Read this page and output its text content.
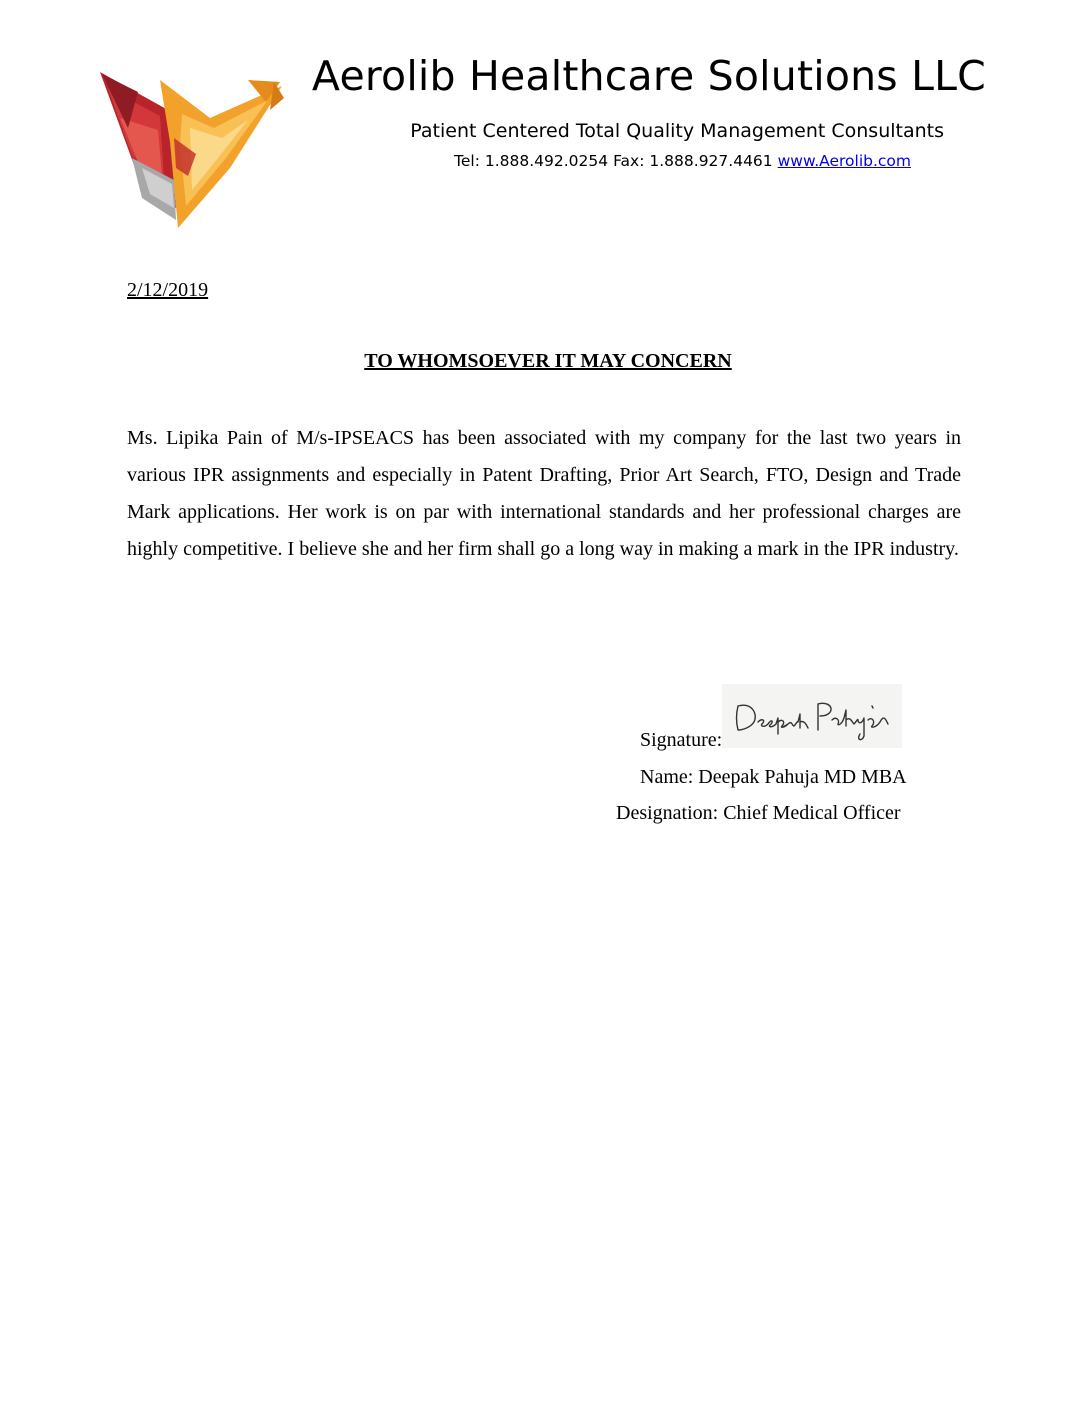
Aerolib Healthcare Solutions LLC
Patient Centered Total Quality Management Consultants
Tel: 1.888.492.0254 Fax: 1.888.927.4461 www.Aerolib.com
2/12/2019
TO WHOMSOEVER IT MAY CONCERN

Ms. Lipika Pain of M/s-IPSEACS has been associated with my company for the last two years in various IPR assignments and especially in Patent Drafting, Prior Art Search, FTO, Design and Trade Mark applications. Her work is on par with international standards and her professional charges are highly competitive. I believe she and her firm shall go a long way in making a mark in the IPR industry.

Signature:
Name: Deepak Pahuja MD MBA
Designation: Chief Medical Officer
